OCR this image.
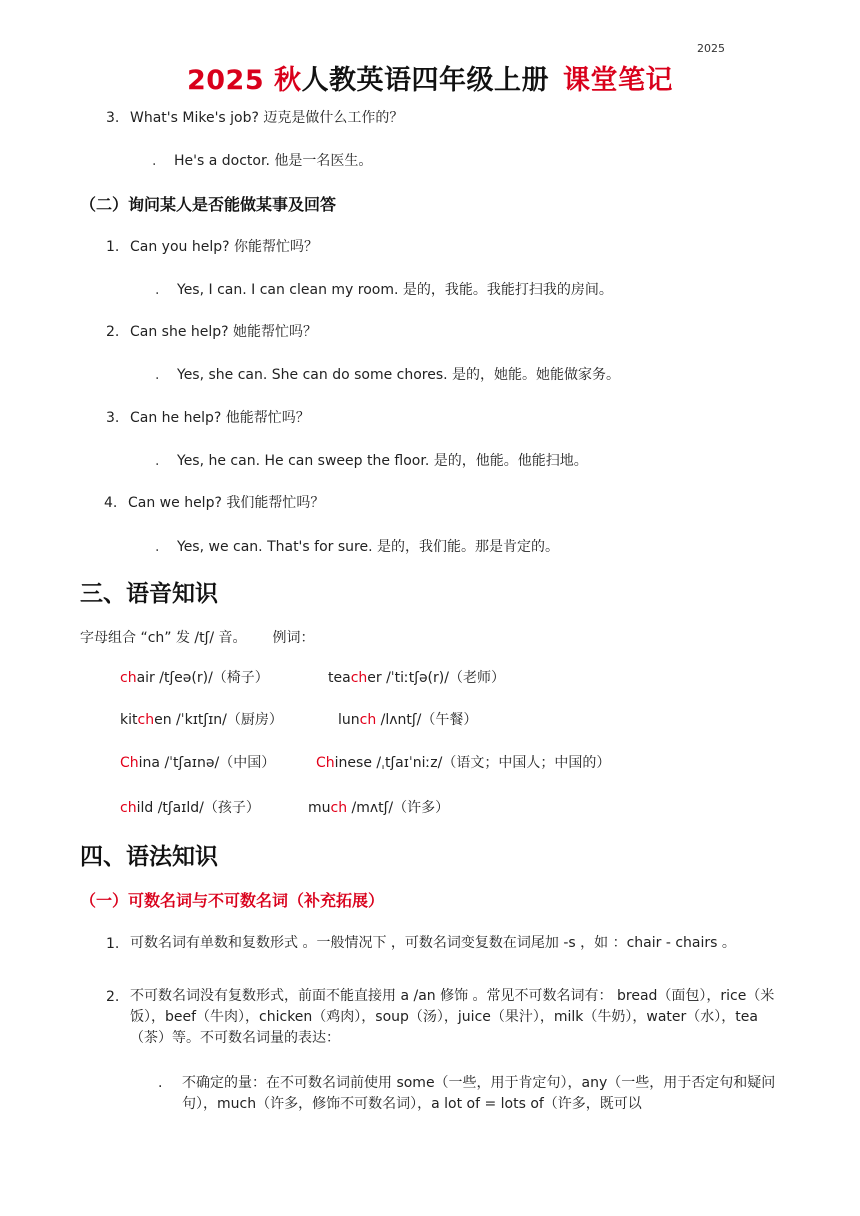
2025
2025 秋人教英语四年级上册 课堂笔记
3. What's Mike's job? 迈克是做什么工作的？
. He's a doctor. 他是一名医生。
（二）询问某人是否能做某事及回答
1. Can you help? 你能帮忙吗？
. Yes, I can. I can clean my room. 是的，我能。我能打扫我的房间。
2. Can she help? 她能帮忙吗？
. Yes, she can. She can do some chores. 是的，她能。她能做家务。
3. Can he help? 他能帮忙吗？
. Yes, he can. He can sweep the floor. 是的，他能。他能扫地。
4. Can we help? 我们能帮忙吗？
. Yes, we can. That's for sure. 是的，我们能。那是肯定的。
三、语音知识
字母组合 “ch” 发 /tʃ/ 音。 例词：
chair /tʃeə(r)/（椅子）	teacher /ˈtiːtʃə(r)/（老师）
kitchen /ˈkɪtʃɪn/（厨房）	lunch /lʌntʃ/（午餐）
China /ˈtʃaɪnə/（中国）	Chinese /ˌtʃaɪˈniːz/（语文；中国人；中国的）
child /tʃaɪld/（孩子）	much /mʌtʃ/（许多）
四、语法知识
（一）可数名词与不可数名词（补充拓展）
1. 可数名词有单数和复数形式 。一般情况下 ，可数名词变复数在词尾加 -s ，如 ：chair - chairs 。
2. 不可数名词没有复数形式，前面不能直接用 a /an 修饰 。常见不可数名词有： bread（面包），rice（米饭），beef（牛肉），chicken（鸡肉），soup（汤），juice（果汁），milk（牛奶），water（水），tea（茶）等。不可数名词量的表达：
. 不确定的量：在不可数名词前使用 some（一些，用于肯定句），any（一些，用于否定句和疑问句），much（许多，修饰不可数名词），a lot of = lots of（许多，既可以
